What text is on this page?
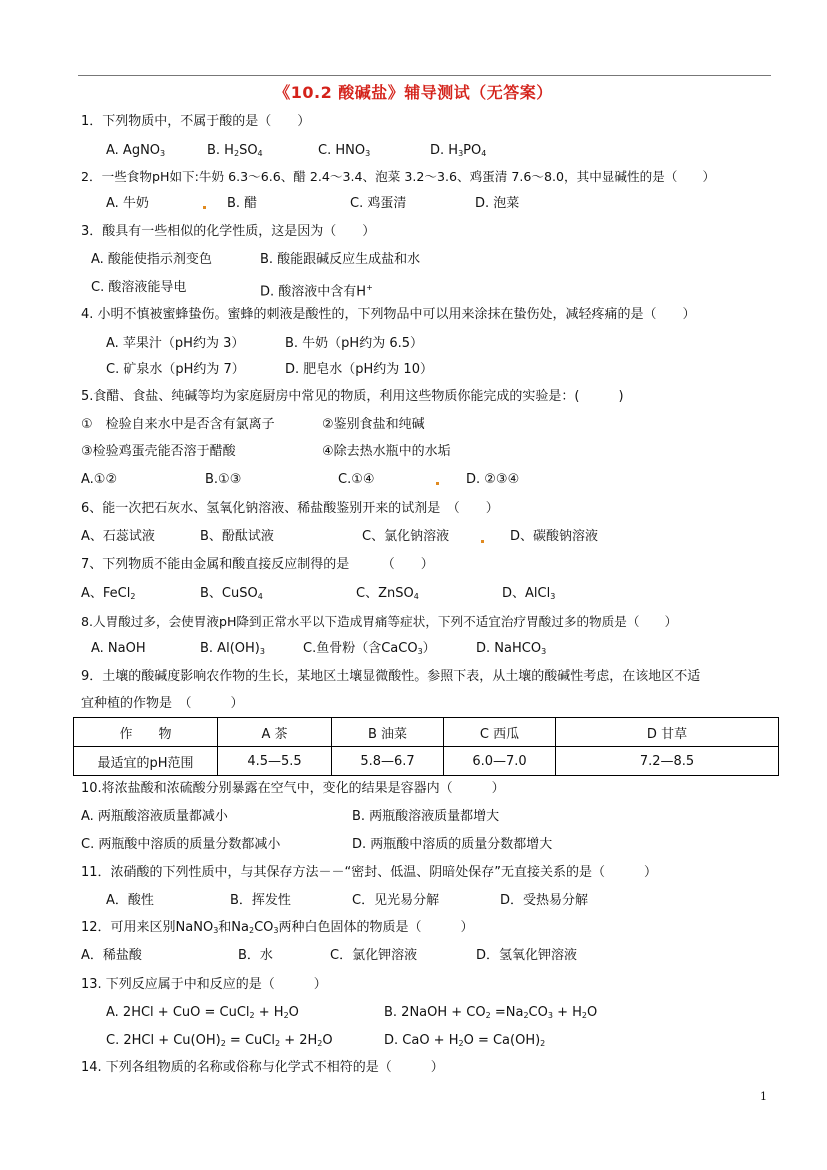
《10.2 酸碱盐》辅导测试（无答案）
1．下列物质中，不属于酸的是（　　）
A. AgNO$_3$	B. $H_2SO_4$	C. $HNO_3$	D. $H_3PO_4$
2．一些食物pH如下:牛奶 6.3～6.6、醋 2.4～3.4、泡菜 3.2～3.6、鸡蛋清 7.6～8.0，其中显碱性的是（　　）
A. 牛奶	B. 醋	C. 鸡蛋清	D. 泡菜
3．酸具有一些相似的化学性质，这是因为（　　）
A. 酸能使指示剂变色	B. 酸能跟碱反应生成盐和水
C. 酸溶液能导电	D. 酸溶液中含有H+
4. 小明不慎被蜜蜂蛰伤。蜜蜂的刺液是酸性的，下列物品中可以用来涂抹在蛰伤处，减轻疼痛的是（　　）
A. 苹果汁（pH约为 3）	B. 牛奶（pH约为 6.5）
C. 矿泉水（pH约为 7）	D. 肥皂水（pH约为 10）
5.食醋、食盐、纯碱等均为家庭厨房中常见的物质，利用这些物质你能完成的实验是：(　　　)
①　检验自来水中是否含有氯离子	②鉴别食盐和纯碱
③检验鸡蛋壳能否溶于醋酸	④除去热水瓶中的水垢
A.①②	B.①③	C.①④	D. ②③④
6、能一次把石灰水、氢氧化钠溶液、稀盐酸鉴别开来的试剂是　（　　）
A、石蕊试液	B、酚酞试液	C、氯化钠溶液	D、碳酸钠溶液
7、下列物质不能由金属和酸直接反应制得的是　　　（　　）
A、FeCl$_2$	B、CuSO$_4$	C、ZnSO$_4$	D、AlCl$_3$
8.人胃酸过多，会使胃液pH降到正常水平以下造成胃痛等症状，下列不适宜治疗胃酸过多的物质是（　　）
A. NaOH	B. $Al(OH)_3$	C.鱼骨粉（含CaCO$_3$）	D. NaHCO$_3$
9．土壤的酸碱度影响农作物的生长，某地区土壤显微酸性。参照下表，从土壤的酸碱性考虑，在该地区不适
宜种植的作物是　（　　　）
作　　物	A 茶	B 油菜	C 西瓜	D 甘草
最适宜的pH范围	4.5—5.5	5.8—6.7	6.0—7.0	7.2—8.5
10.将浓盐酸和浓硫酸分别暴露在空气中，变化的结果是容器内（　　　）
A. 两瓶酸溶液质量都减小	B. 两瓶酸溶液质量都增大
C. 两瓶酸中溶质的质量分数都减小	D. 两瓶酸中溶质的质量分数都增大
11．浓硝酸的下列性质中，与其保存方法－－“密封、低温、阴暗处保存”无直接关系的是（　　　）
A．酸性	B．挥发性	C．见光易分解	D．受热易分解
12．可用来区别NaNO$_3$和$Na_2CO_3$两种白色固体的物质是（　　　）
A．稀盐酸	B．水	C．氯化钾溶液	D．氢氧化钾溶液
13. 下列反应属于中和反应的是（　　　）
A. 2HCl + CuO = CuCl$_2$ + $H_2O$	B. 2NaOH + $CO_2 =Na_2CO_3 + H_2O$
C. $2HCl + Cu(OH)_2$ = CuCl$_2$ + $2H_2O$	D. CaO + $H_2O = Ca(OH)_2$
14. 下列各组物质的名称或俗称与化学式不相符的是（　　　）
1
